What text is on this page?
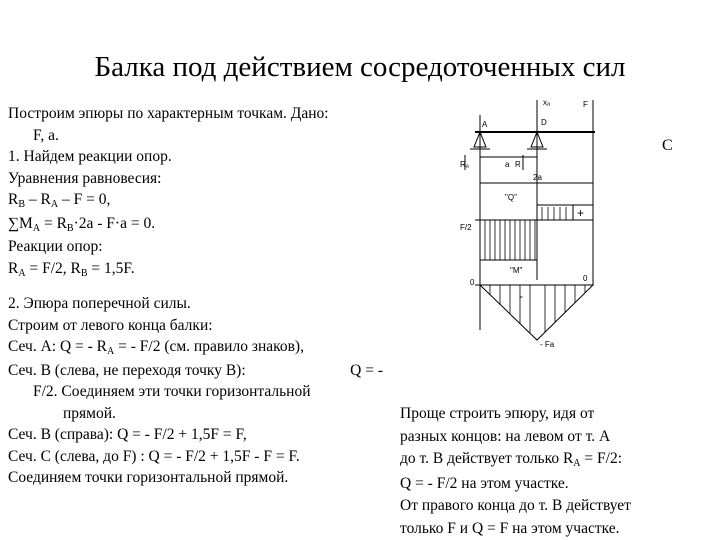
Балка под действием сосредоточенных сил
Построим эпюры по характерным точкам. Дано:
F, a.
1. Найдем реакции опор.
Уравнения равновесия:
RB – RA – F = 0,
∑MA = RB·2a - F·a = 0.
Реакции опор:
RA = F/2, RB = 1,5F.
2. Эпюра поперечной силы.
Строим от левого конца балки:
Сеч. А: Q = - RA = - F/2 (см. правило знаков),
Сеч. В (слева, не переходя точку В):	Q = -
F/2. Соединяем эти точки горизонтальной
прямой.
Сеч. В (справа): Q = - F/2 + 1,5F = F,
Сеч. С (слева, до F) : Q = - F/2 + 1,5F - F = F.
Соединяем точки горизонтальной прямой.
C
A	D
F
xₐ
Rₐ	R
a
2a
"Q"
+
F/2
"M"
0	0
-
- Fa
Проще строить эпюру, идя от
разных концов: на левом от т. А
до т. В действует только RA = F/2:
Q = - F/2 на этом участке.
От правого конца до т. В действует
только F и Q = F на этом участке.
